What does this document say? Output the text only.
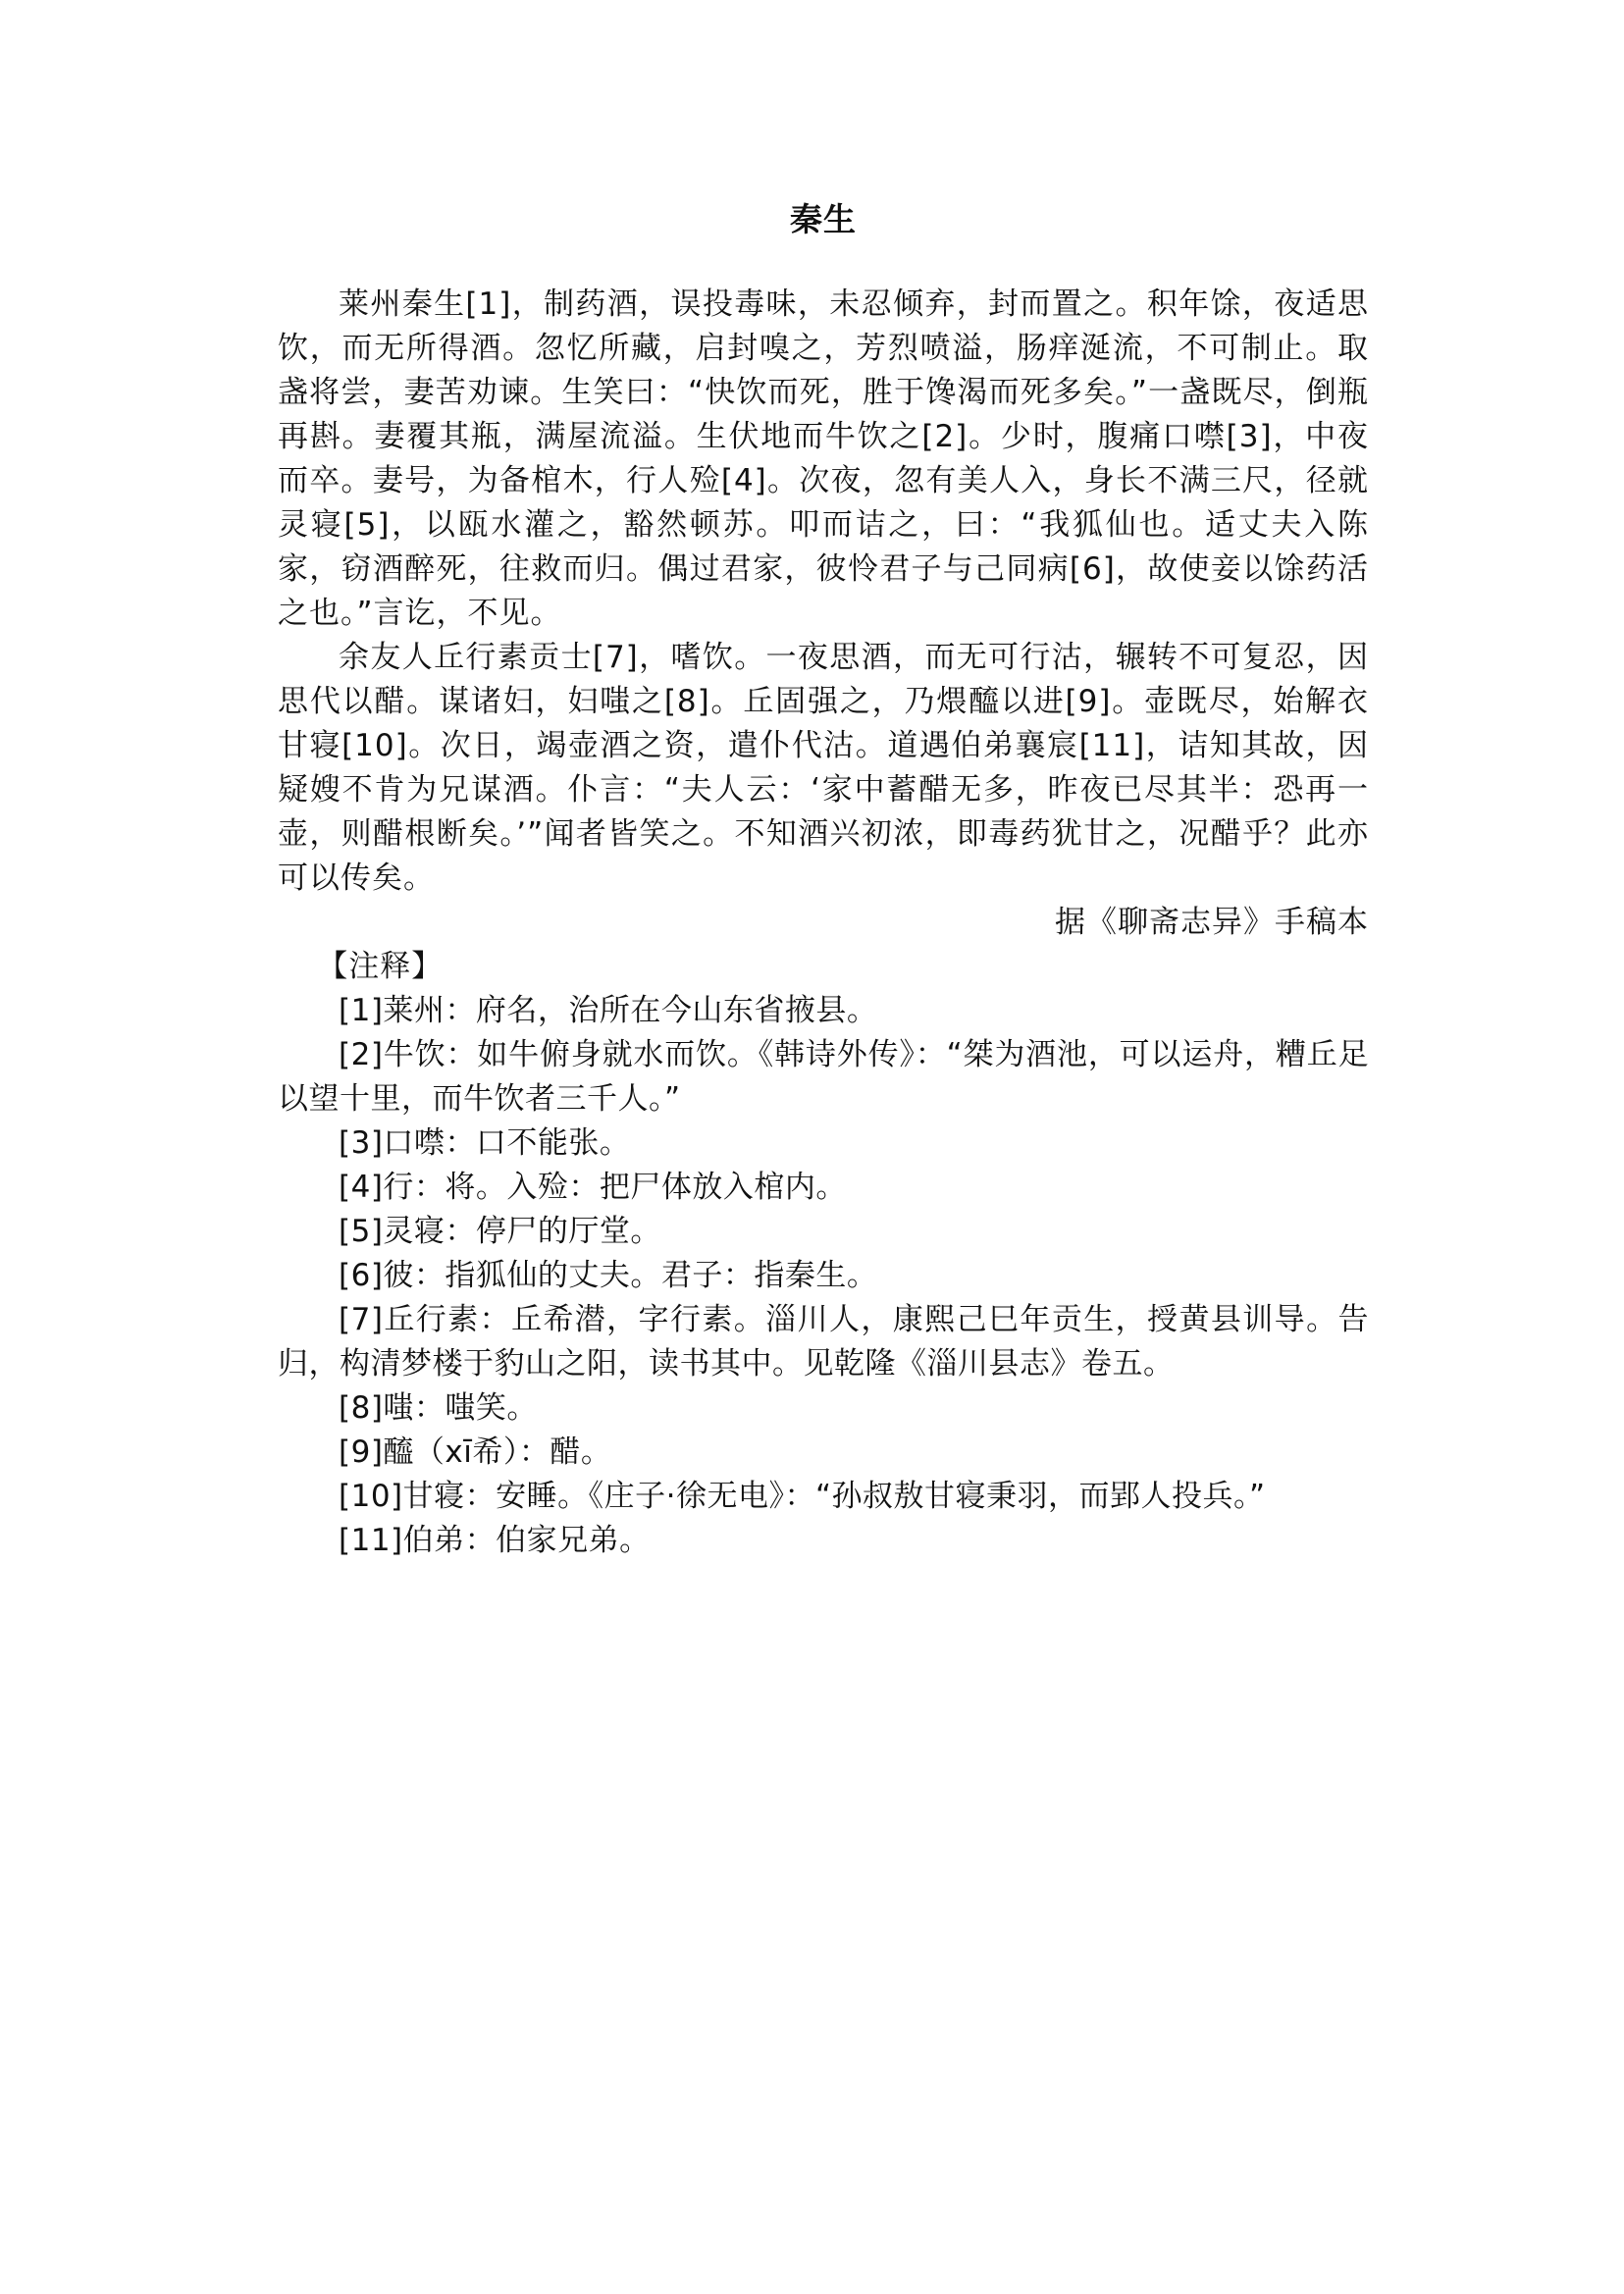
秦生

莱州秦生[1]，制药酒，误投毒味，未忍倾弃，封而置之。积年馀，夜适思饮，而无所得酒。忽忆所藏，启封嗅之，芳烈喷溢，肠痒涎流，不可制止。取盏将尝，妻苦劝谏。生笑曰：“快饮而死，胜于馋渴而死多矣。”一盏既尽，倒瓶再斟。妻覆其瓶，满屋流溢。生伏地而牛饮之[2]。少时，腹痛口噤[3]，中夜而卒。妻号，为备棺木，行人殓[4]。次夜，忽有美人入，身长不满三尺，径就灵寝[5]，以瓯水灌之，豁然顿苏。叩而诘之，曰：“我狐仙也。适丈夫入陈家，窃酒醉死，往救而归。偶过君家，彼怜君子与己同病[6]，故使妾以馀药活之也。”言讫，不见。

余友人丘行素贡士[7]，嗜饮。一夜思酒，而无可行沽，辗转不可复忍，因思代以醋。谋诸妇，妇嗤之[8]。丘固强之，乃煨醯以进[9]。壶既尽，始解衣甘寝[10]。次日，竭壶酒之资，遣仆代沽。道遇伯弟襄宸[11]，诘知其故，因疑嫂不肯为兄谋酒。仆言：“夫人云：‘家中蓄醋无多，昨夜已尽其半：恐再一壶，则醋根断矣。’”闻者皆笑之。不知酒兴初浓，即毒药犹甘之，况醋乎？此亦可以传矣。

据《聊斋志异》手稿本

【注释】

[1]莱州：府名，治所在今山东省掖县。

[2]牛饮：如牛俯身就水而饮。《韩诗外传》：“桀为酒池，可以运舟，糟丘足以望十里，而牛饮者三千人。”

[3]口噤：口不能张。

[4]行：将。入殓：把尸体放入棺内。

[5]灵寝：停尸的厅堂。

[6]彼：指狐仙的丈夫。君子：指秦生。

[7]丘行素：丘希潜，字行素。淄川人，康熙己巳年贡生，授黄县训导。告归，构清梦楼于豹山之阳，读书其中。见乾隆《淄川县志》卷五。

[8]嗤：嗤笑。

[9]醯（xī希）：醋。

[10]甘寝：安睡。《庄子·徐无电》：“孙叔敖甘寝秉羽，而郢人投兵。”

[11]伯弟：伯家兄弟。
